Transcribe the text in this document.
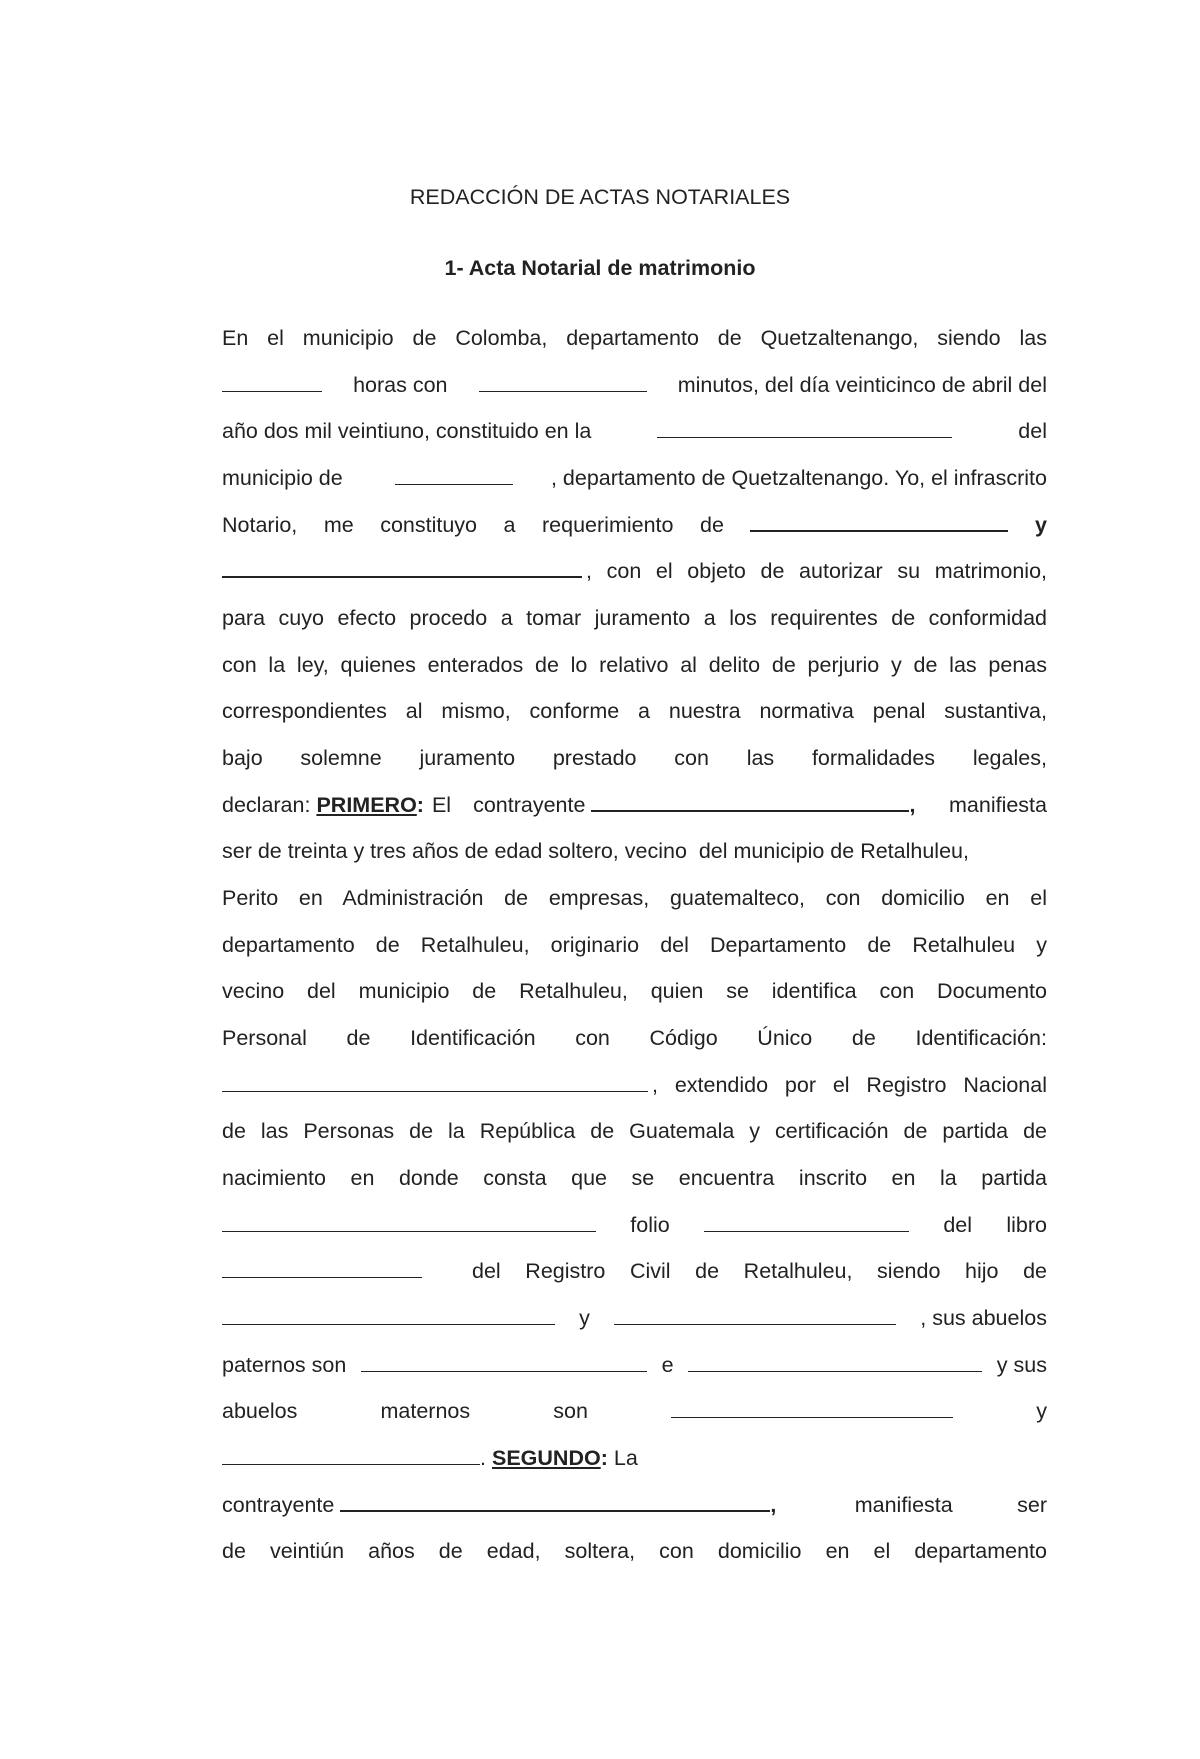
REDACCIÓN DE ACTAS NOTARIALES
1- Acta Notarial de matrimonio
En el municipio de Colomba, departamento de Quetzaltenango, siendo las
horas con	minutos, del día veinticinco de abril del
año dos mil veintiuno, constituido en la	del
municipio de	, departamento de Quetzaltenango. Yo, el infrascrito
Notario, me constituyo a requerimiento de	y
, con el objeto de autorizar su matrimonio,
para cuyo efecto procedo a tomar juramento a los requirentes de conformidad
con la ley, quienes enterados de lo relativo al delito de perjurio y de las penas
correspondientes al mismo, conforme a nuestra normativa penal sustantiva,
bajo solemne juramento prestado con las formalidades legales,
declaran: PRIMERO : El contrayente	, manifiesta
ser de treinta y tres años de edad soltero, vecino  del municipio de Retalhuleu,
Perito en Administración de empresas, guatemalteco, con domicilio en el
departamento de Retalhuleu, originario del Departamento de Retalhuleu y
vecino del municipio de Retalhuleu, quien se identifica con Documento
Personal de Identificación con Código Único de Identificación:
, extendido por el Registro Nacional
de las Personas de la República de Guatemala y certificación de partida de
nacimiento en donde consta que se encuentra inscrito en la partida
folio	del libro
del Registro Civil de Retalhuleu, siendo hijo de
y	, sus abuelos
paternos son	e	y sus
abuelos	maternos	son	y
. SEGUNDO : La
contrayente	,	manifiesta	ser
de veintiún años de edad, soltera, con domicilio en el departamento
